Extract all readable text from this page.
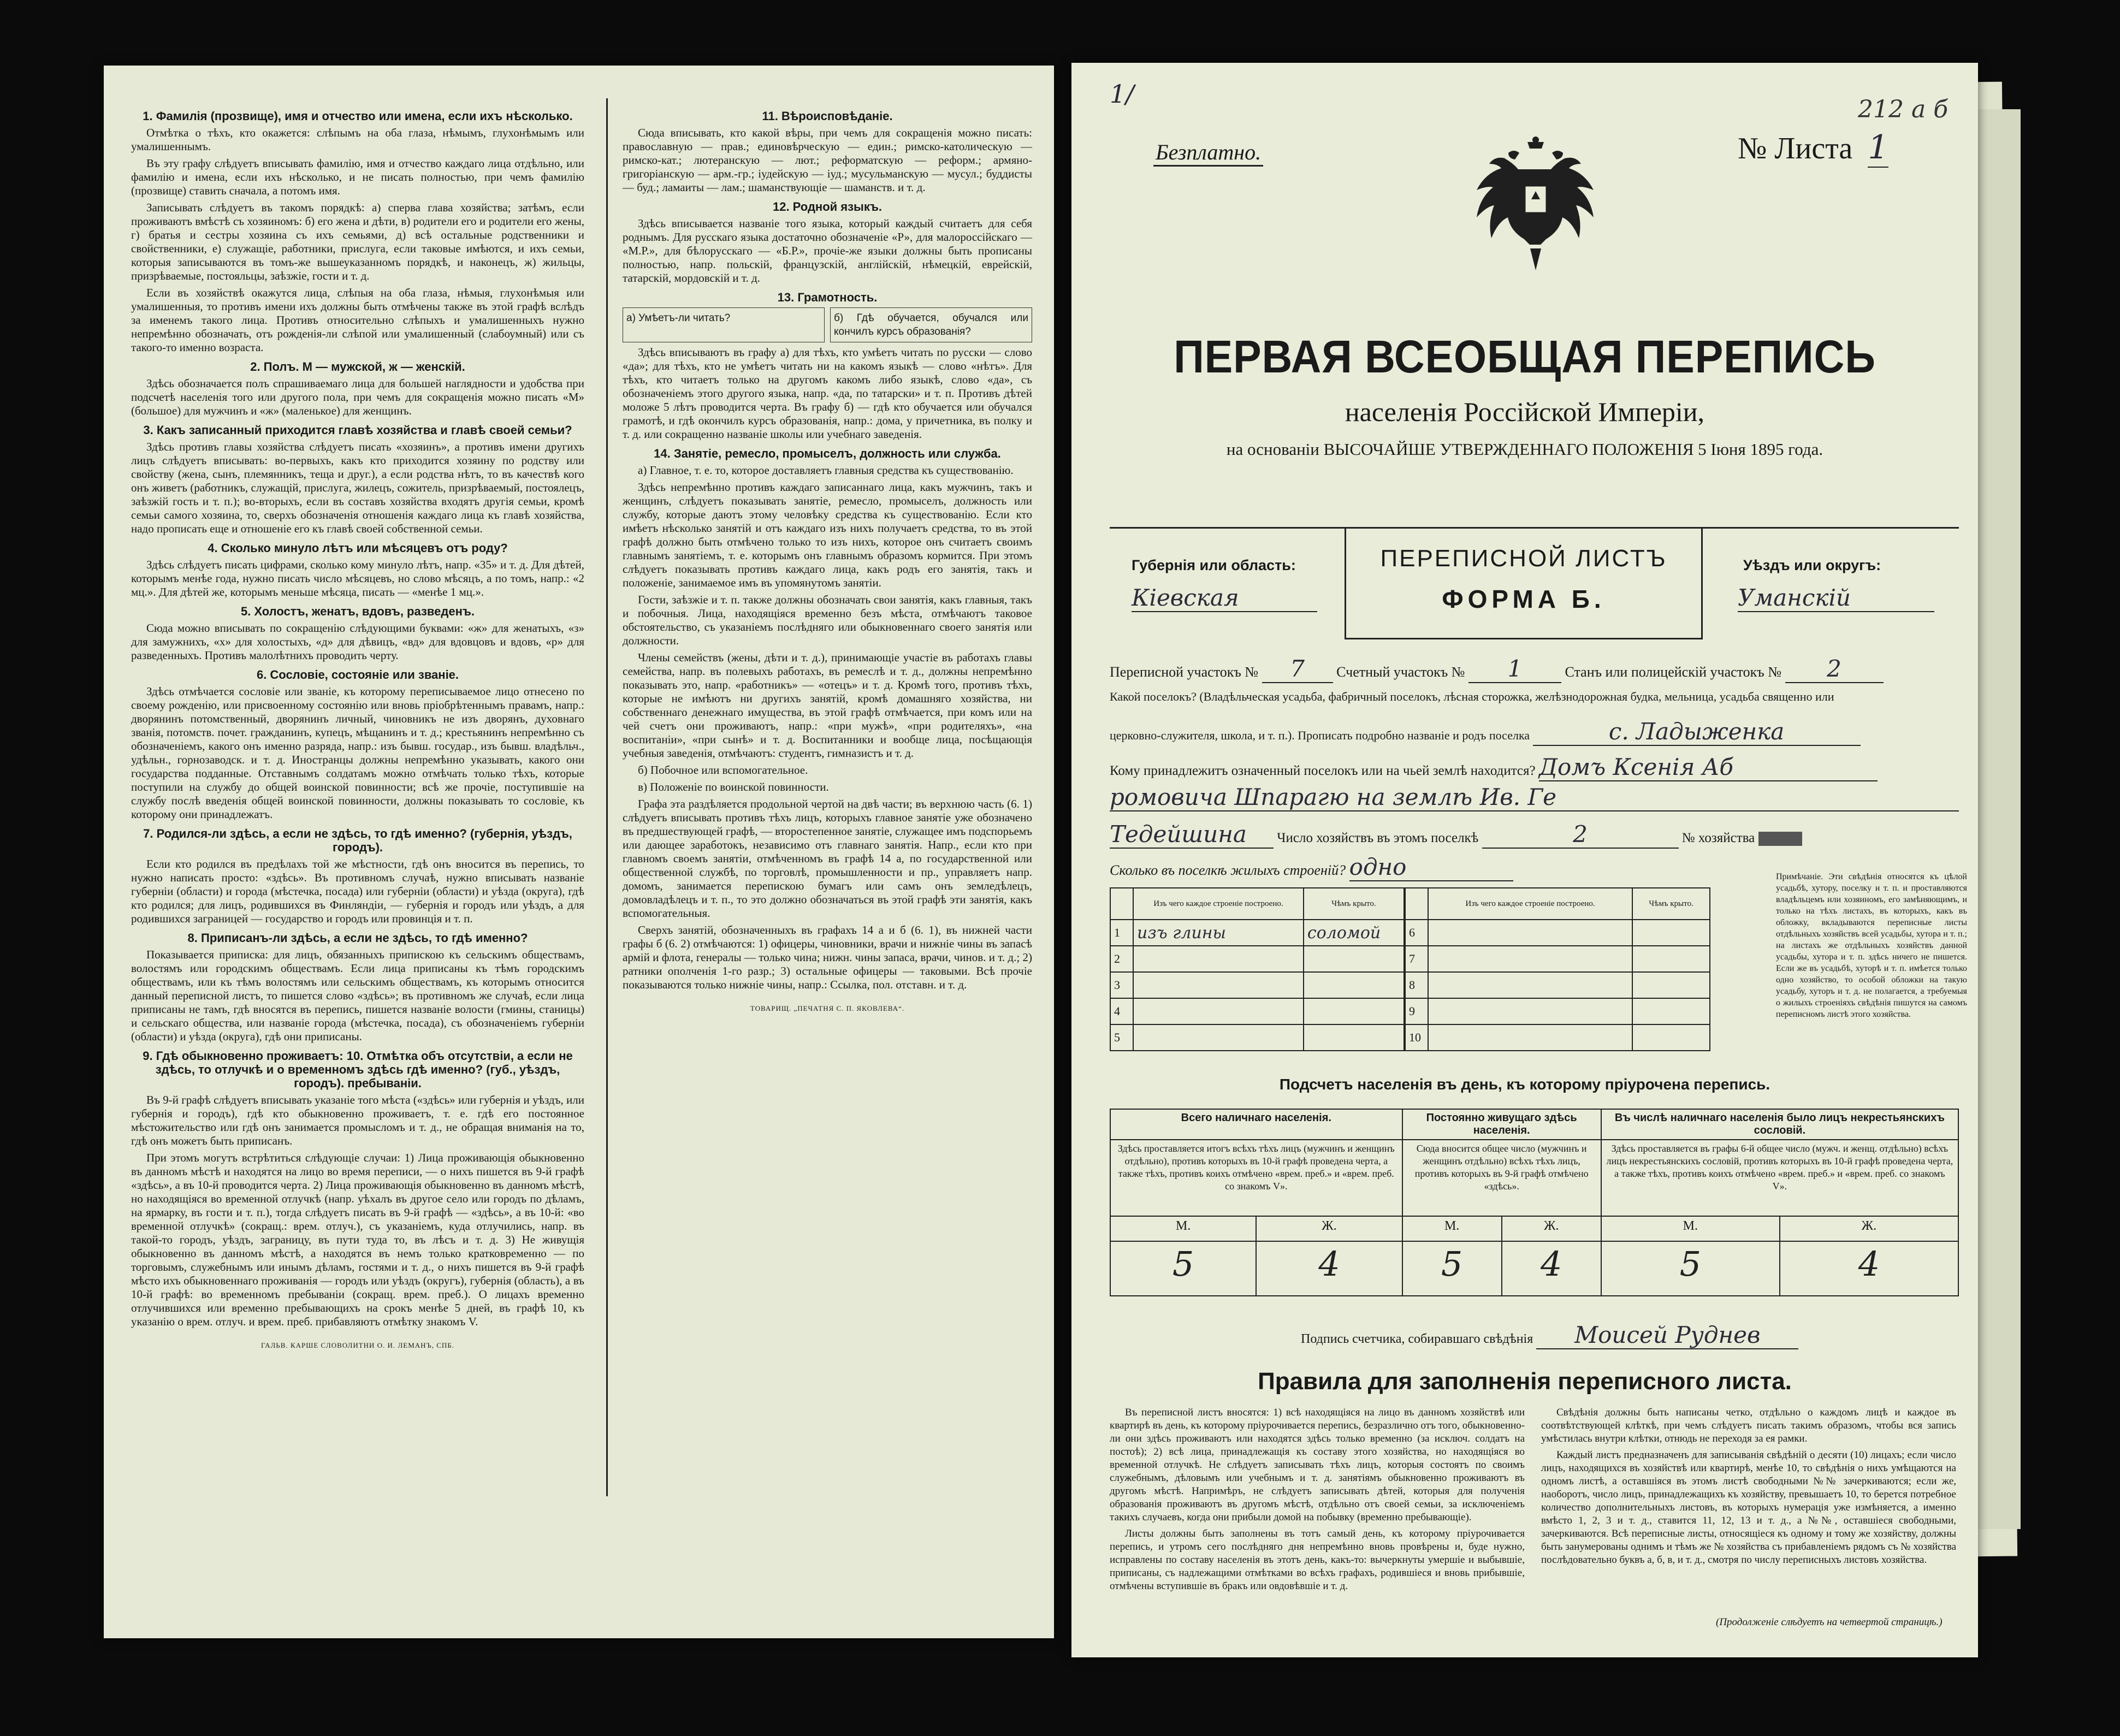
1. Фамилія (прозвище), имя и отчество или имена, если ихъ нѣсколько.

Отмѣтка о тѣхъ, кто окажется: слѣпымъ на оба глаза, нѣмымъ, глухонѣмымъ или умалишеннымъ.

Въ эту графу слѣдуетъ вписывать фамилію, имя и отчество каждаго лица отдѣльно, или фамилію и имена, если ихъ нѣсколько, и не писать полностью, при чемъ фамилію (прозвище) ставить сначала, а потомъ имя.

Записывать слѣдуетъ въ такомъ порядкѣ: а) сперва глава хозяйства; затѣмъ, если проживаютъ вмѣстѣ съ хозяиномъ: б) его жена и дѣти, в) родители его и родители его жены, г) братья и сестры хозяина съ ихъ семьями, д) всѣ остальные родственники и свойственники, е) служащіе, работники, прислуга, если таковые имѣются, и ихъ семьи, которыя записываются въ томъ-же вышеуказанномъ порядкѣ, и наконецъ, ж) жильцы, призрѣваемые, постояльцы, заѣзжіе, гости и т. д.

Если въ хозяйствѣ окажутся лица, слѣпыя на оба глаза, нѣмыя, глухонѣмыя или умалишенныя, то противъ имени ихъ должны быть отмѣчены также въ этой графѣ вслѣдъ за именемъ такого лица. Противъ относительно слѣпыхъ и умалишенныхъ нужно непремѣнно обозначать, отъ рожденія-ли слѣпой или умалишенный (слабоумный) или съ такого-то именно возраста.

2. Полъ. М — мужской, ж — женскій.

Здѣсь обозначается полъ спрашиваемаго лица для большей наглядности и удобства при подсчетѣ населенія того или другого пола, при чемъ для сокращенія можно писать «М» (большое) для мужчинъ и «ж» (маленькое) для женщинъ.

3. Какъ записанный приходится главѣ хозяйства и главѣ своей семьи?

Здѣсь противъ главы хозяйства слѣдуетъ писать «хозяинъ», а противъ имени другихъ лицъ слѣдуетъ вписывать: во-первыхъ, какъ кто приходится хозяину по родству или свойству (жена, сынъ, племянникъ, теща и друг.), а если родства нѣтъ, то въ качествѣ кого онъ живетъ (работникъ, служащій, прислуга, жилецъ, сожитель, призрѣваемый, постоялецъ, заѣзжій гость и т. п.); во-вторыхъ, если въ составъ хозяйства входятъ другія семьи, кромѣ семьи самого хозяина, то, сверхъ обозначенія отношенія каждаго лица къ главѣ хозяйства, надо прописать еще и отношеніе его къ главѣ своей собственной семьи.

4. Сколько минуло лѣтъ или мѣсяцевъ отъ роду?

Здѣсь слѣдуетъ писать цифрами, сколько кому минуло лѣтъ, напр. «35» и т. д. Для дѣтей, которымъ менѣе года, нужно писать число мѣсяцевъ, но слово мѣсяцъ, а по томъ, напр.: «2 мц.». Для дѣтей же, которымъ меньше мѣсяца, писать — «менѣе 1 мц.».

5. Холостъ, женатъ, вдовъ, разведенъ.

Сюда можно вписывать по сокращенію слѣдующими буквами: «ж» для женатыхъ, «з» для замужнихъ, «х» для холостыхъ, «д» для дѣвицъ, «вд» для вдовцовъ и вдовъ, «р» для разведенныхъ. Противъ малолѣтнихъ проводить черту.

6. Сословіе, состояніе или званіе.

Здѣсь отмѣчается сословіе или званіе, къ которому переписываемое лицо отнесено по своему рожденію, или присвоенному состоянію или вновь пріобрѣтеннымъ правамъ, напр.: дворянинъ потомственный, дворянинъ личный, чиновникъ не изъ дворянъ, духовнаго званія, потомств. почет. гражданинъ, купецъ, мѣщанинъ и т. д.; крестьянинъ непремѣнно съ обозначеніемъ, какого онъ именно разряда, напр.: изъ бывш. государ., изъ бывш. владѣльч., удѣльн., горнозаводск. и т. д. Иностранцы должны непремѣнно указывать, какого они государства подданные. Отставнымъ солдатамъ можно отмѣчать только тѣхъ, которые поступили на службу до общей воинской повинности; всѣ же прочіе, поступившіе на службу послѣ введенія общей воинской повинности, должны показывать то сословіе, къ которому они принадлежатъ.

7. Родился-ли здѣсь, а если не здѣсь, то гдѣ именно? (губернія, уѣздъ, городъ).

Если кто родился въ предѣлахъ той же мѣстности, гдѣ онъ вносится въ перепись, то нужно написать просто: «здѣсь». Въ противномъ случаѣ, нужно вписывать названіе губерніи (области) и города (мѣстечка, посада) или губерніи (области) и уѣзда (округа), гдѣ кто родился; для лицъ, родившихся въ Финляндіи, — губернія и городъ или уѣздъ, а для родившихся заграницей — государство и городъ или провинція и т. п.

8. Приписанъ-ли здѣсь, а если не здѣсь, то гдѣ именно?

Показывается приписка: для лицъ, обязанныхъ припискою къ сельскимъ обществамъ, волостямъ или городскимъ обществамъ. Если лица приписаны къ тѣмъ городскимъ обществамъ, или къ тѣмъ волостямъ или сельскимъ обществамъ, къ которымъ относится данный переписной листъ, то пишется слово «здѣсь»; въ противномъ же случаѣ, если лица приписаны не тамъ, гдѣ вносятся въ перепись, пишется названіе волости (гмины, станицы) и сельскаго общества, или названіе города (мѣстечка, посада), съ обозначеніемъ губерніи (области) и уѣзда (округа), гдѣ они приписаны.

9. Гдѣ обыкновенно проживаетъ: 10. Отмѣтка объ отсутствіи, а если не здѣсь, то отлучкѣ и о временномъ здѣсь гдѣ именно? (губ., уѣздъ, городъ). пребываніи.

Въ 9-й графѣ слѣдуетъ вписывать указаніе того мѣста («здѣсь» или губернія и уѣздъ, или губернія и городъ), гдѣ кто обыкновенно проживаетъ, т. е. гдѣ его постоянное мѣстожительство или гдѣ онъ занимается промысломъ и т. д., не обращая вниманія на то, гдѣ онъ можетъ быть приписанъ.

При этомъ могутъ встрѣтиться слѣдующіе случаи: 1) Лица проживающія обыкновенно въ данномъ мѣстѣ и находятся на лицо во время переписи, — о нихъ пишется въ 9-й графѣ «здѣсь», а въ 10-й проводится черта. 2) Лица проживающія обыкновенно въ данномъ мѣстѣ, но находящіяся во временной отлучкѣ (напр. уѣхалъ въ другое село или городъ по дѣламъ, на ярмарку, въ гости и т. п.), тогда слѣдуетъ писать въ 9-й графѣ — «здѣсь», а въ 10-й: «во временной отлучкѣ» (сокращ.: врем. отлуч.), съ указаніемъ, куда отлучились, напр. въ такой-то городъ, уѣздъ, заграницу, въ пути туда то, въ лѣсъ и т. д. 3) Не живущія обыкновенно въ данномъ мѣстѣ, а находятся въ немъ только кратковременно — по торговымъ, служебнымъ или инымъ дѣламъ, гостями и т. д., о нихъ пишется въ 9-й графѣ мѣсто ихъ обыкновеннаго проживанія — городъ или уѣздъ (округъ), губернія (область), а въ 10-й графѣ: во временномъ пребываніи (сокращ. врем. преб.). О лицахъ временно отлучившихся или временно пребывающихъ на срокъ менѣе 5 дней, въ графѣ 10, къ указанію о врем. отлуч. и врем. преб. прибавляютъ отмѣтку знакомъ V.

ГАЛЬВ. КАРШЕ СЛОВОЛИТНИ О. И. ЛЕМАНЪ, СПБ.
11. Вѣроисповѣданіе.

Сюда вписывать, кто какой вѣры, при чемъ для сокращенія можно писать: православную — прав.; единовѣрческую — един.; римско-католическую — римско-кат.; лютеранскую — лют.; реформатскую — реформ.; армяно-григоріанскую — арм.-гр.; іудейскую — іуд.; мусульманскую — мусул.; буддисты — буд.; ламаиты — лам.; шаманствующіе — шаманств. и т. д.

12. Родной языкъ.

Здѣсь вписывается названіе того языка, который каждый считаетъ для себя роднымъ. Для русскаго языка достаточно обозначеніе «Р», для малороссійскаго — «М.Р.», для бѣлорусскаго — «Б.Р.», прочіе-же языки должны быть прописаны полностью, напр. польскій, французскій, англійскій, нѣмецкій, еврейскій, татарскій, мордовскій и т. д.

13. Грамотность.
а) Умѣетъ-ли читать?	б) Гдѣ обучается, обучался или кончилъ курсъ образованія?

Здѣсь вписываютъ въ графу а) для тѣхъ, кто умѣетъ читать по русски — слово «да»; для тѣхъ, кто не умѣетъ читать ни на какомъ языкѣ — слово «нѣтъ». Для тѣхъ, кто читаетъ только на другомъ какомъ либо языкѣ, слово «да», съ обозначеніемъ этого другого языка, напр. «да, по татарски» и т. п. Противъ дѣтей моложе 5 лѣтъ проводится черта. Въ графу б) — гдѣ кто обучается или обучался грамотѣ, и гдѣ окончилъ курсъ образованія, напр.: дома, у причетника, въ полку и т. д. или сокращенно названіе школы или учебнаго заведенія.

14. Занятіе, ремесло, промыселъ, должность или служба.

а) Главное, т. е. то, которое доставляетъ главныя средства къ существованію.

Здѣсь непремѣнно противъ каждаго записаннаго лица, какъ мужчинъ, такъ и женщинъ, слѣдуетъ показывать занятіе, ремесло, промыселъ, должность или службу, которые даютъ этому человѣку средства къ существованію. Если кто имѣетъ нѣсколько занятій и отъ каждаго изъ нихъ получаетъ средства, то въ этой графѣ должно быть отмѣчено только то изъ нихъ, которое онъ считаетъ своимъ главнымъ занятіемъ, т. е. которымъ онъ главнымъ образомъ кормится. При этомъ слѣдуетъ показывать противъ каждаго лица, какъ родъ его занятія, такъ и положеніе, занимаемое имъ въ упомянутомъ занятіи.

Гости, заѣзжіе и т. п. также должны обозначать свои занятія, какъ главныя, такъ и побочныя. Лица, находящіяся временно безъ мѣста, отмѣчаютъ таковое обстоятельство, съ указаніемъ послѣдняго или обыкновеннаго своего занятія или должности.

Члены семействъ (жены, дѣти и т. д.), принимающіе участіе въ работахъ главы семейства, напр. въ полевыхъ работахъ, въ ремеслѣ и т. д., должны непремѣнно показывать это, напр. «работникъ» — «отецъ» и т. д. Кромѣ того, противъ тѣхъ, которые не имѣютъ ни другихъ занятій, кромѣ домашняго хозяйства, ни собственнаго денежнаго имущества, въ этой графѣ отмѣчается, при комъ или на чей счетъ они проживаютъ, напр.: «при мужѣ», «при родителяхъ», «на воспитаніи», «при сынѣ» и т. д. Воспитанники и вообще лица, посѣщающія учебныя заведенія, отмѣчаютъ: студентъ, гимназистъ и т. д.

б) Побочное или вспомогательное.

в) Положеніе по воинской повинности.

Графа эта раздѣляется продольной чертой на двѣ части; въ верхнюю часть (6. 1) слѣдуетъ вписывать противъ тѣхъ лицъ, которыхъ главное занятіе уже обозначено въ предшествующей графѣ, — второстепенное занятіе, служащее имъ подспорьемъ или дающее заработокъ, независимо отъ главнаго занятія. Напр., если кто при главномъ своемъ занятіи, отмѣченномъ въ графѣ 14 а, по государственной или общественной службѣ, по торговлѣ, промышленности и пр., управляетъ напр. домомъ, занимается перепискою бумагъ или самъ онъ земледѣлецъ, домовладѣлецъ и т. п., то это должно обозначаться въ этой графѣ эти занятія, какъ вспомогательныя.

Сверхъ занятій, обозначенныхъ въ графахъ 14 а и б (6. 1), въ нижней части графы б (6. 2) отмѣчаются: 1) офицеры, чиновники, врачи и нижніе чины въ запасѣ армій и флота, генералы — только чина; нижн. чины запаса, врачи, чинов. и т. д.; 2) ратники ополченія 1-го разр.; 3) остальные офицеры — таковыми. Всѣ прочіе показываются только нижніе чины, напр.: Ссылка, пол. отставн. и т. д.

ТОВАРИЩ. „ПЕЧАТНЯ С. П. ЯКОВЛЕВА“.
1/
Безплатно.	№ Листа 1
212 а б
ПЕРВАЯ ВСЕОБЩАЯ ПЕРЕПИСЬ
населенія Россійской Имперіи,
на основаніи ВЫСОЧАЙШЕ УТВЕРЖДЕННАГО ПОЛОЖЕНІЯ 5 Іюня 1895 года.
Губернія или область:
Кіевская
ПЕРЕПИСНОЙ ЛИСТЪ
ФОРМА Б.
Уѣздъ или округъ:
Уманскій
Переписной участокъ № 7 Счетный участокъ № 1	Станъ или полицейскій участокъ № 2
Какой поселокъ? (Владѣльческая усадьба, фабричный поселокъ, лѣсная сторожка, желѣзнодорожная будка, мельница, усадьба священно или
церковно-служителя, школа, и т. п.). Прописать подробно названіе и родъ поселка	с. Ладыженка
Кому принадлежитъ означенный поселокъ или на чьей землѣ находится? Домъ Ксенія Аб
ромовича Шпарагю на землѣ Ив. Ге
Тедейшина Число хозяйствъ въ этомъ поселкѣ	2	№ хозяйства
Сколько въ поселкѣ жилыхъ строеній? одно
	Изъ чего каждое строеніе построено.	Чѣмъ крыто.
1	изъ глины	соломой
2		
3		
4		
5		
	Изъ чего каждое строеніе построено.	Чѣмъ крыто.
6		
7		
8		
9		
10		
Примѣчаніе. Эти свѣдѣнія относятся къ цѣлой усадьбѣ, хутору, поселку и т. п. и проставляются владѣльцемъ или хозяиномъ, его замѣняющимъ, и только на тѣхъ листахъ, въ которыхъ, какъ въ обложку, вкладываются переписные листы отдѣльныхъ хозяйствъ всей усадьбы, хутора и т. п.; на листахъ же отдѣльныхъ хозяйствъ данной усадьбы, хутора и т. п. здѣсь ничего не пишется. Если же въ усадьбѣ, хуторѣ и т. п. имѣется только одно хозяйство, то особой обложки на такую усадьбу, хуторъ и т. д. не полагается, а требуемыя о жилыхъ строеніяхъ свѣдѣнія пишутся на самомъ переписномъ листѣ этого хозяйства.
Подсчетъ населенія въ день, къ которому пріурочена перепись.
Всего наличнаго населенія.		Постоянно живущаго здѣсь населенія.		Въ числѣ наличнаго населенія было лицъ некрестьянскихъ сословій.	
Здѣсь проставляется итогъ всѣхъ тѣхъ лицъ (мужчинъ и женщинъ отдѣльно), противъ которыхъ въ 10-й графѣ проведена черта, а также тѣхъ, противъ коихъ отмѣчено «врем. преб.» и «врем. преб. со знакомъ V».		Сюда вносится общее число (мужчинъ и женщинъ отдѣльно) всѣхъ тѣхъ лицъ, противъ которыхъ въ 9-й графѣ отмѣчено «здѣсь».		Здѣсь проставляется въ графы 6-й общее число (мужч. и женщ. отдѣльно) всѣхъ лицъ некрестьянскихъ сословій, противъ которыхъ въ 10-й графѣ проведена черта, а также тѣхъ, противъ коихъ отмѣчено «врем. преб.» и «врем. преб. со знакомъ V».	
М.	Ж.	М.	Ж.	М.	Ж.
5	4	5	4	5	4
Подпись счетчика, собиравшаго свѣдѣнія Моисей Руднев
Правила для заполненія переписного листа.

Въ переписной листъ вносятся: 1) всѣ находящіяся на лицо въ данномъ хозяйствѣ или квартирѣ въ день, къ которому пріурочивается перепись, безразлично отъ того, обыкновенно-ли они здѣсь проживаютъ или находятся здѣсь только временно (за исключ. солдатъ на постоѣ); 2) всѣ лица, принадлежащія къ составу этого хозяйства, но находящіяся во временной отлучкѣ. Не слѣдуетъ записывать тѣхъ лицъ, которыя состоятъ по своимъ служебнымъ, дѣловымъ или учебнымъ и т. д. занятіямъ обыкновенно проживаютъ въ другомъ мѣстѣ. Напримѣръ, не слѣдуетъ записывать дѣтей, которыя для полученія образованія проживаютъ въ другомъ мѣстѣ, отдѣльно отъ своей семьи, за исключеніемъ такихъ случаевъ, когда они прибыли домой на побывку (временно пребывающіе).

Листы должны быть заполнены въ тотъ самый день, къ которому пріурочивается перепись, и утромъ сего послѣдняго дня непремѣнно вновь провѣрены и, буде нужно, исправлены по составу населенія въ этотъ день, какъ-то: вычеркнуты умершіе и выбывшіе, приписаны, съ надлежащими отмѣтками во всѣхъ графахъ, родившіеся и вновь прибывшіе, отмѣчены вступившіе въ бракъ или овдовѣвшіе и т. д.

Свѣдѣнія должны быть написаны четко, отдѣльно о каждомъ лицѣ и каждое въ соотвѣтствующей клѣткѣ, при чемъ слѣдуетъ писать такимъ образомъ, чтобы вся запись умѣстилась внутри клѣтки, отнюдь не переходя за ея рамки.

Каждый листъ предназначенъ для записыванія свѣдѣній о десяти (10) лицахъ; если число лицъ, находящихся въ хозяйствѣ или квартирѣ, менѣе 10, то свѣдѣнія о нихъ умѣщаются на одномъ листѣ, а оставшіяся въ этомъ листѣ свободными №№ зачеркиваются; если же, наоборотъ, число лицъ, принадлежащихъ къ хозяйству, превышаетъ 10, то берется потребное количество дополнительныхъ листовъ, въ которыхъ нумерація уже измѣняется, а именно вмѣсто 1, 2, 3 и т. д., ставится 11, 12, 13 и т. д., а №№, оставшіеся свободными, зачеркиваются. Всѣ переписные листы, относящіеся къ одному и тому же хозяйству, должны быть занумерованы однимъ и тѣмъ же № хозяйства съ прибавленіемъ рядомъ съ № хозяйства послѣдовательно буквъ а, б, в, и т. д., смотря по числу переписныхъ листовъ хозяйства.

(Продолженіе слѣдуетъ на четвертой страницѣ.)
